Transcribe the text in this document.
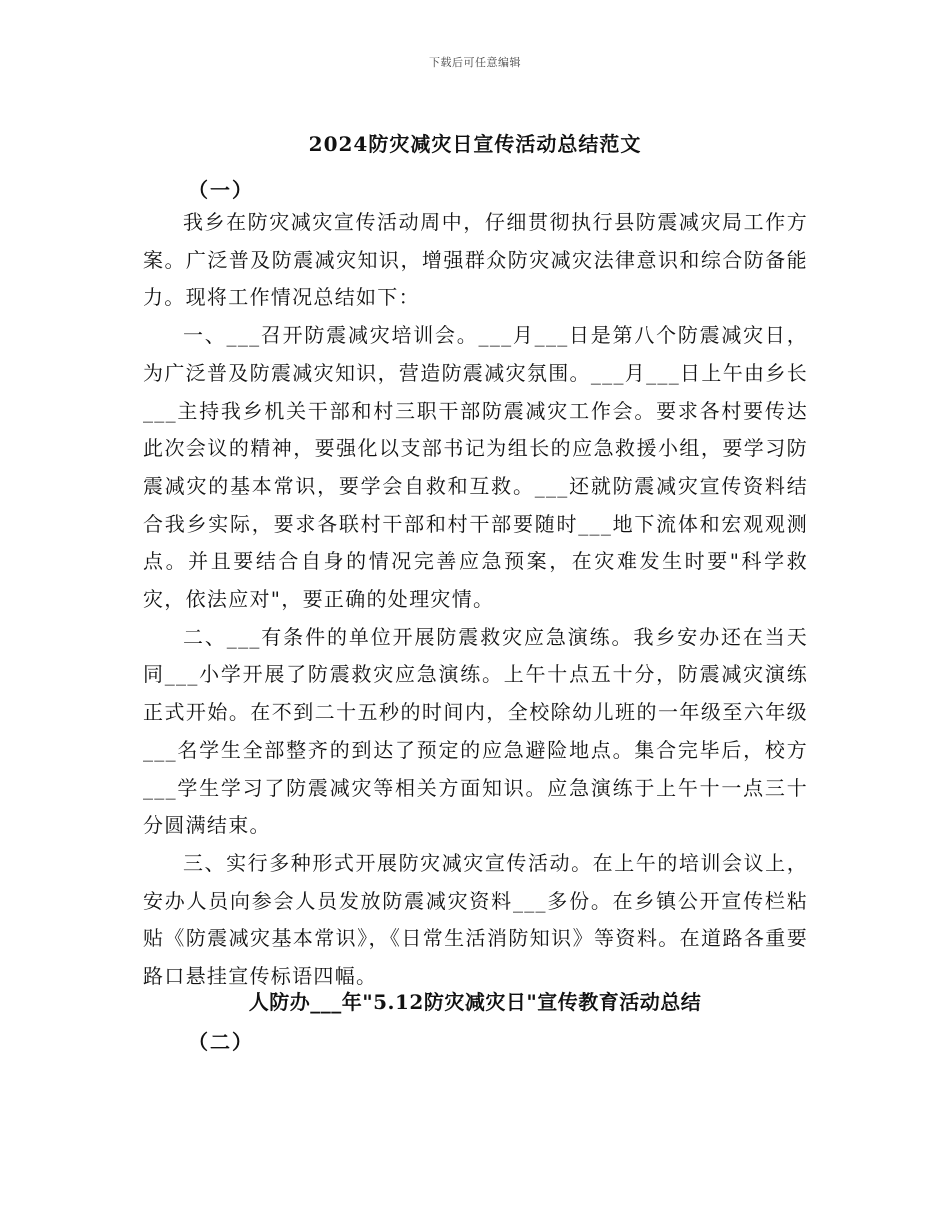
下载后可任意编辑
2024防灾减灾日宣传活动总结范文
（一）

我乡在防灾减灾宣传活动周中，仔细贯彻执行县防震减灾局工作方案。广泛普及防震减灾知识，增强群众防灾减灾法律意识和综合防备能力。现将工作情况总结如下：

一、___召开防震减灾培训会。___月___日是第八个防震减灾日，为广泛普及防震减灾知识，营造防震减灾氛围。___月___日上午由乡长___主持我乡机关干部和村三职干部防震减灾工作会。要求各村要传达此次会议的精神，要强化以支部书记为组长的应急救援小组，要学习防震减灾的基本常识，要学会自救和互救。___还就防震减灾宣传资料结合我乡实际，要求各联村干部和村干部要随时___地下流体和宏观观测点。并且要结合自身的情况完善应急预案，在灾难发生时要"科学救灾，依法应对"，要正确的处理灾情。

二、___有条件的单位开展防震救灾应急演练。我乡安办还在当天同___小学开展了防震救灾应急演练。上午十点五十分，防震减灾演练正式开始。在不到二十五秒的时间内，全校除幼儿班的一年级至六年级___名学生全部整齐的到达了预定的应急避险地点。集合完毕后，校方___学生学习了防震减灾等相关方面知识。应急演练于上午十一点三十分圆满结束。

三、实行多种形式开展防灾减灾宣传活动。在上午的培训会议上，安办人员向参会人员发放防震减灾资料___多份。在乡镇公开宣传栏粘贴《防震减灾基本常识》，《日常生活消防知识》等资料。在道路各重要路口悬挂宣传标语四幅。

人防办___年"5.12防灾减灾日"宣传教育活动总结
（二）
